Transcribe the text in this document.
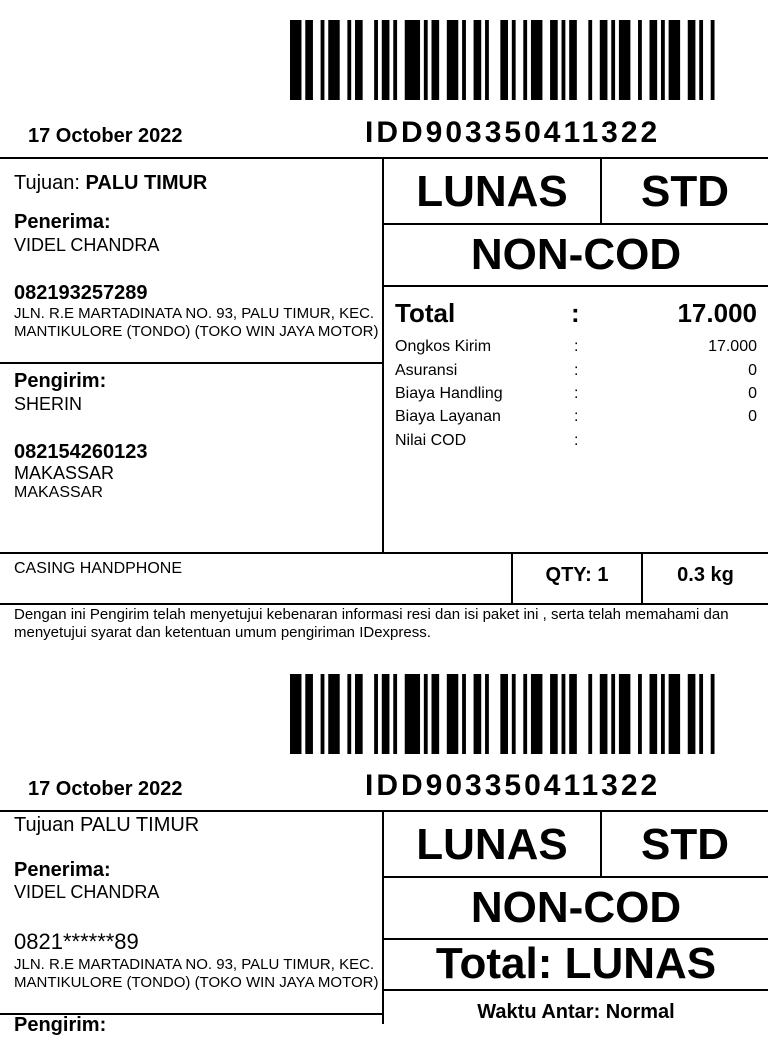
17 October 2022	IDD903350411322
Tujuan: PALU TIMUR
Penerima:
VIDEL CHANDRA
082193257289
JLN. R.E MARTADINATA NO. 93, PALU TIMUR, KEC. MANTIKULORE (TONDO) (TOKO WIN JAYA MOTOR)
Pengirim:
SHERIN
082154260123
MAKASSAR
MAKASSAR
LUNAS	STD
NON-COD
Total	:	17.000
Ongkos Kirim	:	17.000
Asuransi	:	0
Biaya Handling	:	0
Biaya Layanan	:	0
Nilai COD	:
CASING HANDPHONE	QTY: 1	0.3 kg
Dengan ini Pengirim telah menyetujui kebenaran informasi resi dan isi paket ini , serta telah memahami dan menyetujui syarat dan ketentuan umum pengiriman IDexpress.
17 October 2022	IDD903350411322
Tujuan PALU TIMUR
Penerima:
VIDEL CHANDRA
0821******89
JLN. R.E MARTADINATA NO. 93, PALU TIMUR, KEC. MANTIKULORE (TONDO) (TOKO WIN JAYA MOTOR)
Pengirim:
LUNAS	STD
NON-COD
Total: LUNAS
Waktu Antar: Normal
